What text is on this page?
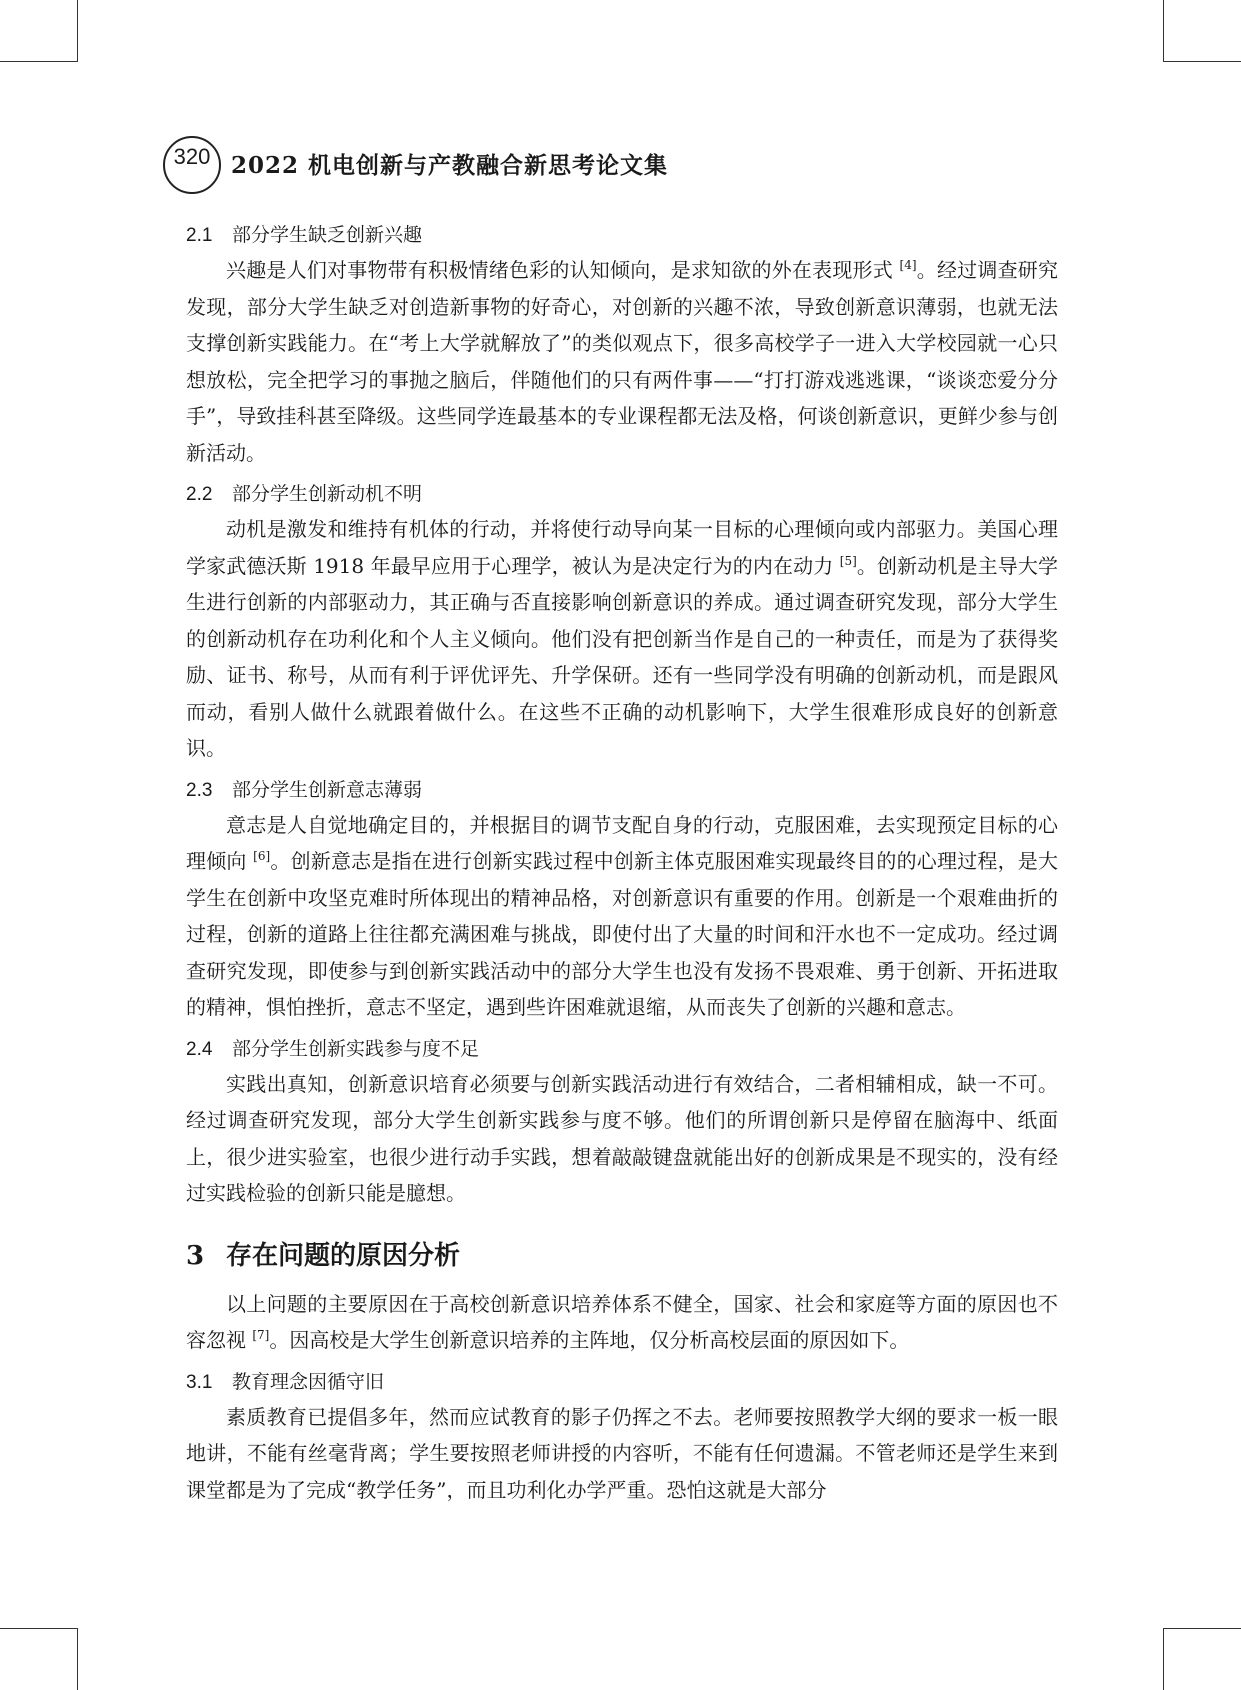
320 2022 机电创新与产教融合新思考论文集
2.1 部分学生缺乏创新兴趣
兴趣是人们对事物带有积极情绪色彩的认知倾向，是求知欲的外在表现形式 [4]。经过调查研究发现，部分大学生缺乏对创造新事物的好奇心，对创新的兴趣不浓，导致创新意识薄弱，也就无法支撑创新实践能力。在“考上大学就解放了”的类似观点下，很多高校学子一进入大学校园就一心只想放松，完全把学习的事抛之脑后，伴随他们的只有两件事——“打打游戏逃逃课，“谈谈恋爱分分手”，导致挂科甚至降级。这些同学连最基本的专业课程都无法及格，何谈创新意识，更鲜少参与创新活动。
2.2 部分学生创新动机不明
动机是激发和维持有机体的行动，并将使行动导向某一目标的心理倾向或内部驱力。美国心理学家武德沃斯 1918 年最早应用于心理学，被认为是决定行为的内在动力 [5]。创新动机是主导大学生进行创新的内部驱动力，其正确与否直接影响创新意识的养成。通过调查研究发现，部分大学生的创新动机存在功利化和个人主义倾向。他们没有把创新当作是自己的一种责任，而是为了获得奖励、证书、称号，从而有利于评优评先、升学保研。还有一些同学没有明确的创新动机，而是跟风而动，看别人做什么就跟着做什么。在这些不正确的动机影响下，大学生很难形成良好的创新意识。
2.3 部分学生创新意志薄弱
意志是人自觉地确定目的，并根据目的调节支配自身的行动，克服困难，去实现预定目标的心理倾向 [6]。创新意志是指在进行创新实践过程中创新主体克服困难实现最终目的的心理过程，是大学生在创新中攻坚克难时所体现出的精神品格，对创新意识有重要的作用。创新是一个艰难曲折的过程，创新的道路上往往都充满困难与挑战，即使付出了大量的时间和汗水也不一定成功。经过调查研究发现，即使参与到创新实践活动中的部分大学生也没有发扬不畏艰难、勇于创新、开拓进取的精神，惧怕挫折，意志不坚定，遇到些许困难就退缩，从而丧失了创新的兴趣和意志。
2.4 部分学生创新实践参与度不足
实践出真知，创新意识培育必须要与创新实践活动进行有效结合，二者相辅相成，缺一不可。经过调查研究发现，部分大学生创新实践参与度不够。他们的所谓创新只是停留在脑海中、纸面上，很少进实验室，也很少进行动手实践，想着敲敲键盘就能出好的创新成果是不现实的，没有经过实践检验的创新只能是臆想。
3 存在问题的原因分析
以上问题的主要原因在于高校创新意识培养体系不健全，国家、社会和家庭等方面的原因也不容忽视 [7]。因高校是大学生创新意识培养的主阵地，仅分析高校层面的原因如下。
3.1 教育理念因循守旧
素质教育已提倡多年，然而应试教育的影子仍挥之不去。老师要按照教学大纲的要求一板一眼地讲，不能有丝毫背离；学生要按照老师讲授的内容听，不能有任何遗漏。不管老师还是学生来到课堂都是为了完成“教学任务”，而且功利化办学严重。恐怕这就是大部分
